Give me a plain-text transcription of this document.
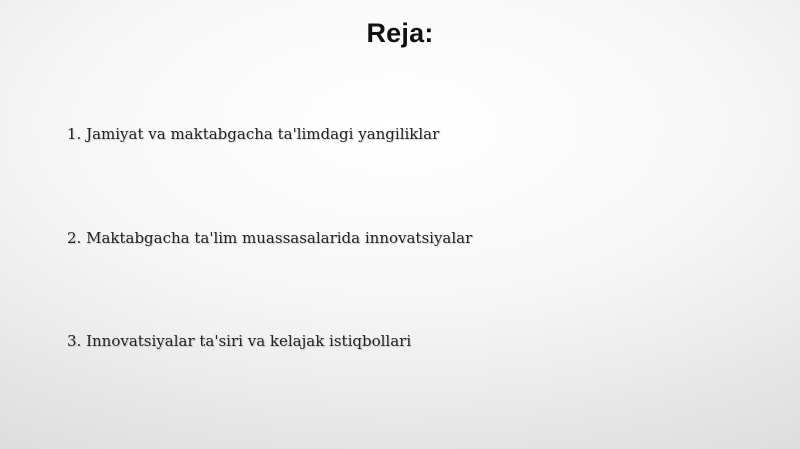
Reja:
1. Jamiyat va maktabgacha ta'limdagi yangiliklar
2. Maktabgacha ta'lim muassasalarida innovatsiyalar
3. Innovatsiyalar ta'siri va kelajak istiqbollari
